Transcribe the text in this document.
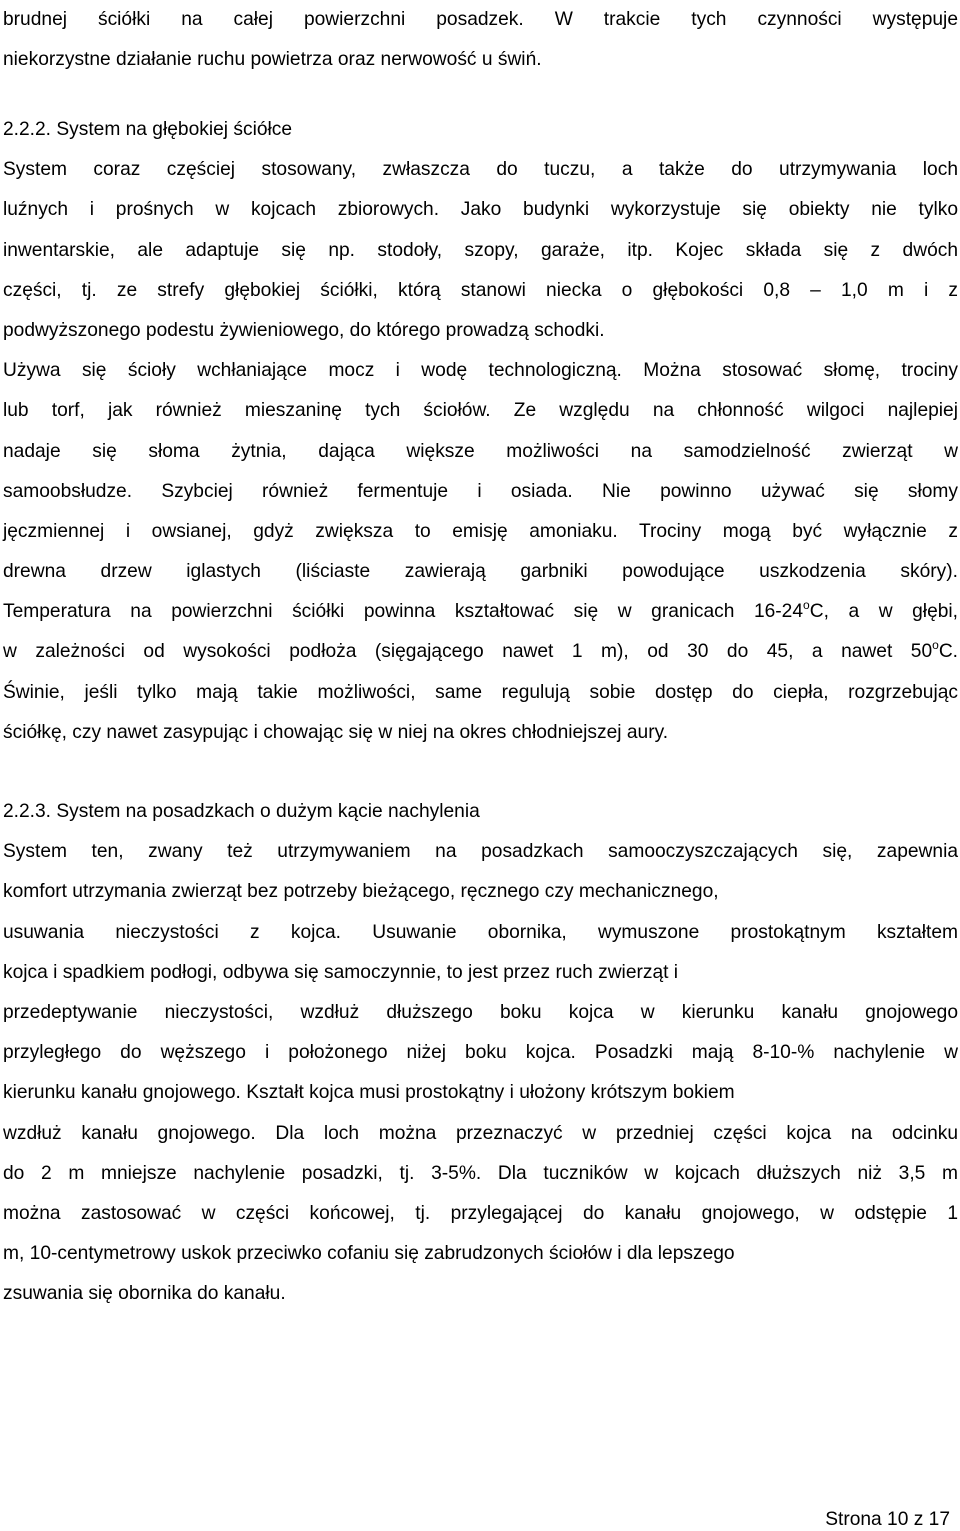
brudnej ściółki na całej powierzchni posadzek. W trakcie tych czynności występuje
niekorzystne działanie ruchu powietrza oraz nerwowość u świń.
2.2.2. System na głębokiej ściółce
System coraz częściej stosowany, zwłaszcza do tuczu, a także do utrzymywania loch
luźnych i prośnych w kojcach zbiorowych. Jako budynki wykorzystuje się obiekty nie tylko
inwentarskie, ale adaptuje się np. stodoły, szopy, garaże, itp. Kojec składa się z dwóch
części, tj. ze strefy głębokiej ściółki, którą stanowi niecka o głębokości 0,8 – 1,0 m i z
podwyższonego podestu żywieniowego, do którego prowadzą schodki.
Używa się ścioły wchłaniające mocz i wodę technologiczną. Można stosować słomę, trociny
lub torf, jak również mieszaninę tych ściołów. Ze względu na chłonność wilgoci najlepiej
nadaje się słoma żytnia, dająca większe możliwości na samodzielność zwierząt w
samoobsłudze. Szybciej również fermentuje i osiada. Nie powinno używać się słomy
jęczmiennej i owsianej, gdyż zwiększa to emisję amoniaku. Trociny mogą być wyłącznie z
drewna drzew iglastych (liściaste zawierają garbniki powodujące uszkodzenia skóry).
Temperatura na powierzchni ściółki powinna kształtować się w granicach 16-24$^o$C, a w głębi,
w zależności od wysokości podłoża (sięgającego nawet 1 m), od 30 do 45, a nawet 50$^o$C.
Świnie, jeśli tylko mają takie możliwości, same regulują sobie dostęp do ciepła, rozgrzebując
ściółkę, czy nawet zasypując i chowając się w niej na okres chłodniejszej aury.
2.2.3. System na posadzkach o dużym kącie nachylenia
System ten, zwany też utrzymywaniem na posadzkach samooczyszczających się, zapewnia
komfort utrzymania zwierząt bez potrzeby bieżącego, ręcznego czy mechanicznego,
usuwania nieczystości z kojca. Usuwanie obornika, wymuszone prostokątnym kształtem
kojca i spadkiem podłogi, odbywa się samoczynnie, to jest przez ruch zwierząt i
przedeptywanie nieczystości, wzdłuż dłuższego boku kojca w kierunku kanału gnojowego
przyległego do węższego i położonego niżej boku kojca. Posadzki mają 8-10-% nachylenie w
kierunku kanału gnojowego. Kształt kojca musi prostokątny i ułożony krótszym bokiem
wzdłuż kanału gnojowego. Dla loch można przeznaczyć w przedniej części kojca na odcinku
do 2 m mniejsze nachylenie posadzki, tj. 3-5%. Dla tuczników w kojcach dłuższych niż 3,5 m
można zastosować w części końcowej, tj. przylegającej do kanału gnojowego, w odstępie 1
m, 10-centymetrowy uskok przeciwko cofaniu się zabrudzonych ściołów i dla lepszego
zsuwania się obornika do kanału.
Strona 10 z 17
